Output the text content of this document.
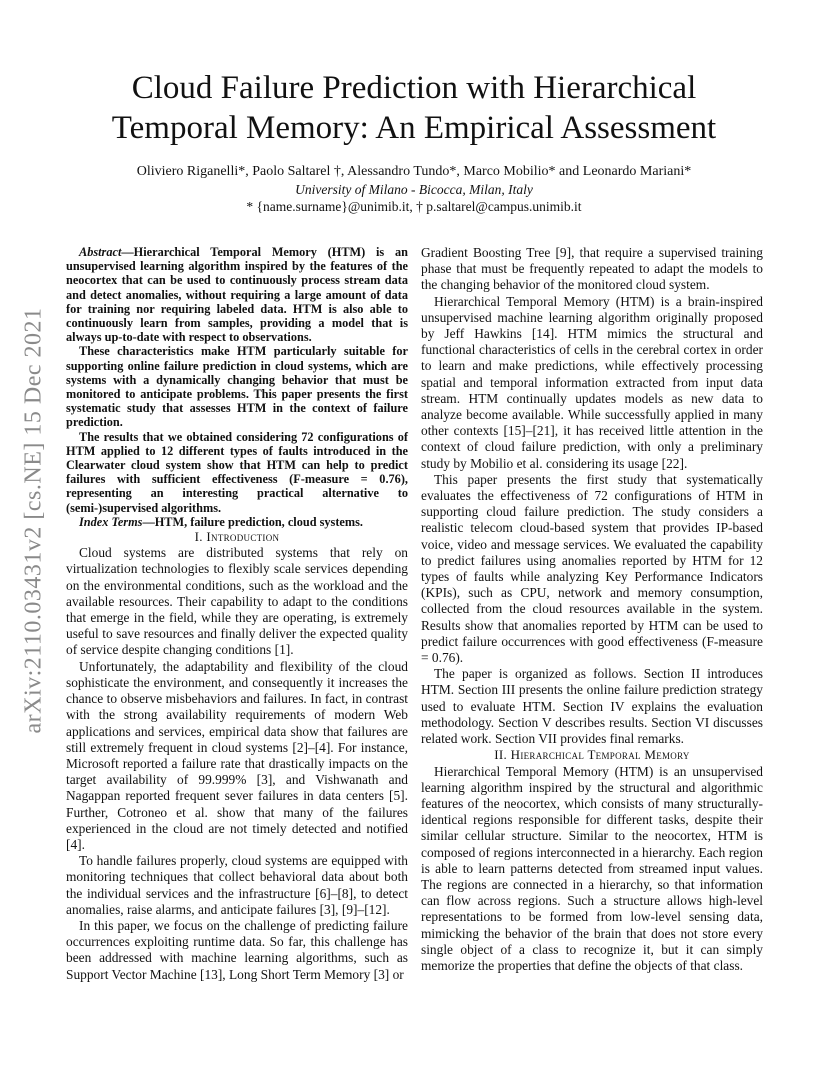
arXiv:2110.03431v2 [cs.NE] 15 Dec 2021
Cloud Failure Prediction with Hierarchical
Temporal Memory: An Empirical Assessment
Oliviero Riganelli*, Paolo Saltarel †, Alessandro Tundo*, Marco Mobilio* and Leonardo Mariani*
University of Milano - Bicocca, Milan, Italy
* {name.surname}@unimib.it, † p.saltarel@campus.unimib.it

Abstract—Hierarchical Temporal Memory (HTM) is an unsupervised learning algorithm inspired by the features of the neocortex that can be used to continuously process stream data and detect anomalies, without requiring a large amount of data for training nor requiring labeled data. HTM is also able to continuously learn from samples, providing a model that is always up-to-date with respect to observations.

These characteristics make HTM particularly suitable for supporting online failure prediction in cloud systems, which are systems with a dynamically changing behavior that must be monitored to anticipate problems. This paper presents the first systematic study that assesses HTM in the context of failure prediction.

The results that we obtained considering 72 configurations of HTM applied to 12 different types of faults introduced in the Clearwater cloud system show that HTM can help to predict failures with sufficient effectiveness (F-measure = 0.76), representing an interesting practical alternative to (semi-)supervised algorithms.

Index Terms—HTM, failure prediction, cloud systems.

I. Introduction

Cloud systems are distributed systems that rely on virtualization technologies to flexibly scale services depending on the environmental conditions, such as the workload and the available resources. Their capability to adapt to the conditions that emerge in the field, while they are operating, is extremely useful to save resources and finally deliver the expected quality of service despite changing conditions [1].

Unfortunately, the adaptability and flexibility of the cloud sophisticate the environment, and consequently it increases the chance to observe misbehaviors and failures. In fact, in contrast with the strong availability requirements of modern Web applications and services, empirical data show that failures are still extremely frequent in cloud systems [2]–[4]. For instance, Microsoft reported a failure rate that drastically impacts on the target availability of 99.999% [3], and Vishwanath and Nagappan reported frequent sever failures in data centers [5]. Further, Cotroneo et al. show that many of the failures experienced in the cloud are not timely detected and notified [4].

To handle failures properly, cloud systems are equipped with monitoring techniques that collect behavioral data about both the individual services and the infrastructure [6]–[8], to detect anomalies, raise alarms, and anticipate failures [3], [9]–[12].

In this paper, we focus on the challenge of predicting failure occurrences exploiting runtime data. So far, this challenge has been addressed with machine learning algorithms, such as Support Vector Machine [13], Long Short Term Memory [3] or

Gradient Boosting Tree [9], that require a supervised training phase that must be frequently repeated to adapt the models to the changing behavior of the monitored cloud system.

Hierarchical Temporal Memory (HTM) is a brain-inspired unsupervised machine learning algorithm originally proposed by Jeff Hawkins [14]. HTM mimics the structural and functional characteristics of cells in the cerebral cortex in order to learn and make predictions, while effectively processing spatial and temporal information extracted from input data stream. HTM continually updates models as new data to analyze become available. While successfully applied in many other contexts [15]–[21], it has received little attention in the context of cloud failure prediction, with only a preliminary study by Mobilio et al. considering its usage [22].

This paper presents the first study that systematically evaluates the effectiveness of 72 configurations of HTM in supporting cloud failure prediction. The study considers a realistic telecom cloud-based system that provides IP-based voice, video and message services. We evaluated the capability to predict failures using anomalies reported by HTM for 12 types of faults while analyzing Key Performance Indicators (KPIs), such as CPU, network and memory consumption, collected from the cloud resources available in the system. Results show that anomalies reported by HTM can be used to predict failure occurrences with good effectiveness (F-measure = 0.76).

The paper is organized as follows. Section II introduces HTM. Section III presents the online failure prediction strategy used to evaluate HTM. Section IV explains the evaluation methodology. Section V describes results. Section VI discusses related work. Section VII provides final remarks.

II. Hierarchical Temporal Memory

Hierarchical Temporal Memory (HTM) is an unsupervised learning algorithm inspired by the structural and algorithmic features of the neocortex, which consists of many structurally-identical regions responsible for different tasks, despite their similar cellular structure. Similar to the neocortex, HTM is composed of regions interconnected in a hierarchy. Each region is able to learn patterns detected from streamed input values. The regions are connected in a hierarchy, so that information can flow across regions. Such a structure allows high-level representations to be formed from low-level sensing data, mimicking the behavior of the brain that does not store every single object of a class to recognize it, but it can simply memorize the properties that define the objects of that class.
